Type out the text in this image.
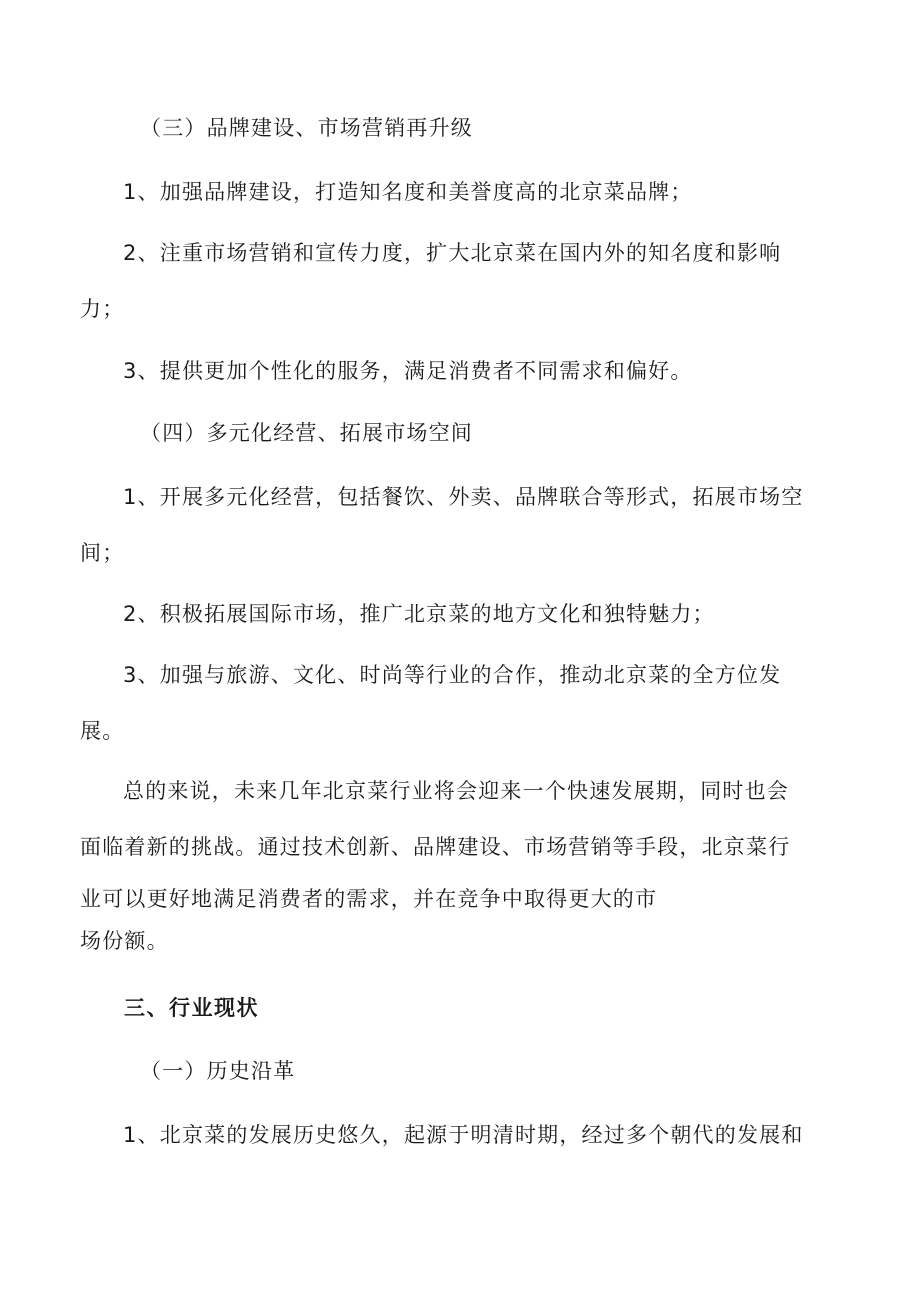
（三）品牌建设、市场营销再升级
1、加强品牌建设，打造知名度和美誉度高的北京菜品牌；
2、注重市场营销和宣传力度，扩大北京菜在国内外的知名度和影响
力；
3、提供更加个性化的服务，满足消费者不同需求和偏好。
（四）多元化经营、拓展市场空间
1、开展多元化经营，包括餐饮、外卖、品牌联合等形式，拓展市场空
间；
2、积极拓展国际市场，推广北京菜的地方文化和独特魅力；
3、加强与旅游、文化、时尚等行业的合作，推动北京菜的全方位发
展。
总的来说，未来几年北京菜行业将会迎来一个快速发展期，同时也会
面临着新的挑战。通过技术创新、品牌建设、市场营销等手段，北京菜行
业可以更好地满足消费者的需求，并在竞争中取得更大的市
场份额。
三、行业现状
（一）历史沿革
1、北京菜的发展历史悠久，起源于明清时期，经过多个朝代的发展和
